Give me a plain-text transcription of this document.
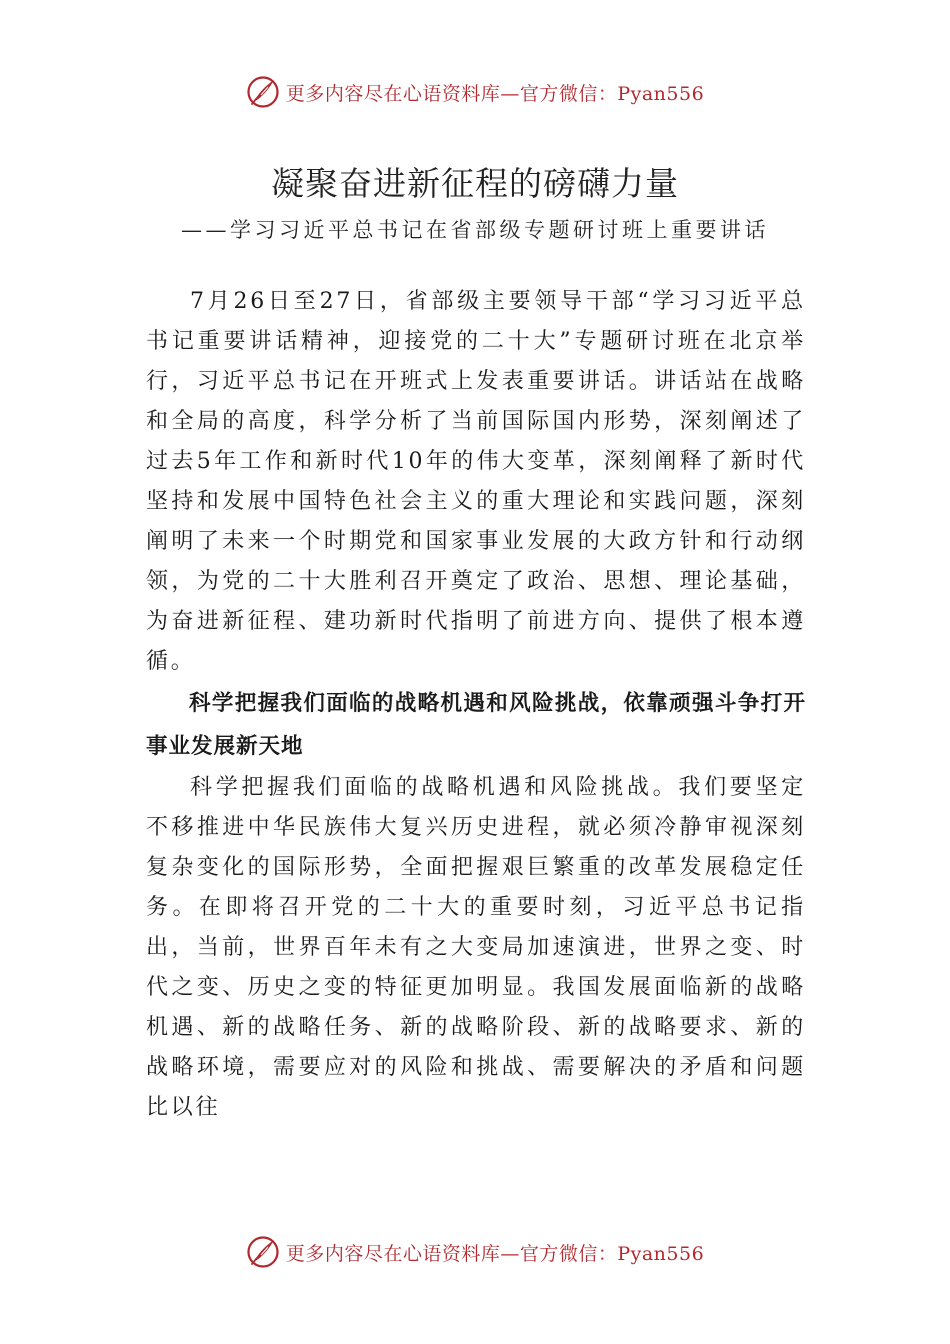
更多内容尽在心语资料库—官方微信：Pyan556
凝聚奋进新征程的磅礴力量
——学习习近平总书记在省部级专题研讨班上重要讲话

7月26日至27日，省部级主要领导干部“学习习近平总书记重要讲话精神，迎接党的二十大”专题研讨班在北京举行，习近平总书记在开班式上发表重要讲话。讲话站在战略和全局的高度，科学分析了当前国际国内形势，深刻阐述了过去5年工作和新时代10年的伟大变革，深刻阐释了新时代坚持和发展中国特色社会主义的重大理论和实践问题，深刻阐明了未来一个时期党和国家事业发展的大政方针和行动纲领，为党的二十大胜利召开奠定了政治、思想、理论基础，为奋进新征程、建功新时代指明了前进方向、提供了根本遵循。

科学把握我们面临的战略机遇和风险挑战，依靠顽强斗争打开事业发展新天地

科学把握我们面临的战略机遇和风险挑战。我们要坚定不移推进中华民族伟大复兴历史进程，就必须冷静审视深刻复杂变化的国际形势，全面把握艰巨繁重的改革发展稳定任务。在即将召开党的二十大的重要时刻，习近平总书记指出，当前，世界百年未有之大变局加速演进，世界之变、时代之变、历史之变的特征更加明显。我国发展面临新的战略机遇、新的战略任务、新的战略阶段、新的战略要求、新的战略环境，需要应对的风险和挑战、需要解决的矛盾和问题比以往

更多内容尽在心语资料库—官方微信：Pyan556
